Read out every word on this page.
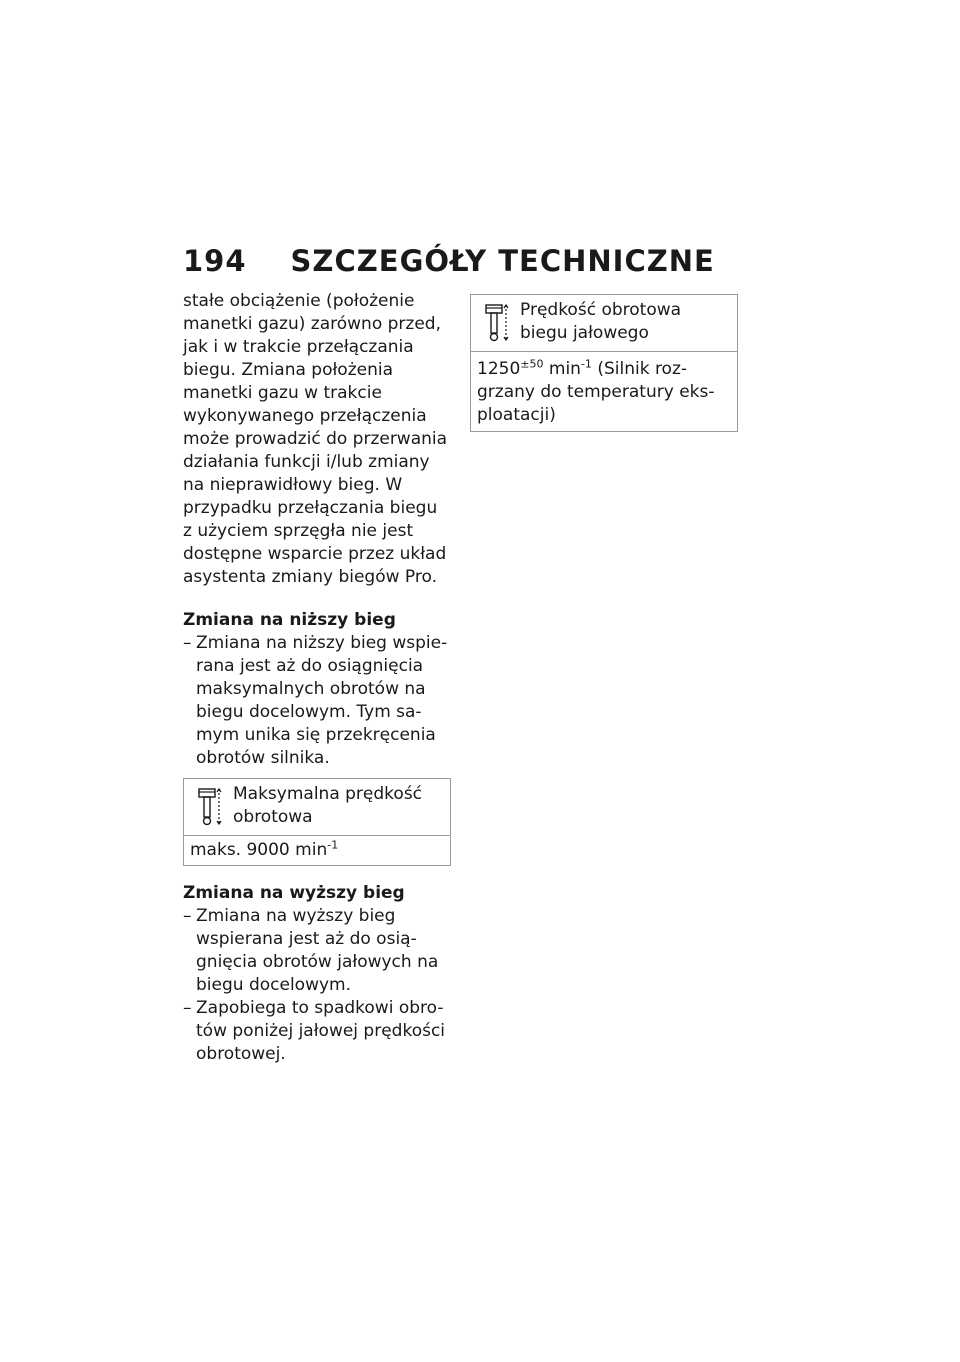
194 SZCZEGÓŁY TECHNICZNE

stałe obciążenie (położenie

manetki gazu) zarówno przed,

jak i w trakcie przełączania

biegu. Zmiana położenia

manetki gazu w trakcie

wykonywanego przełączenia

może prowadzić do przerwania

działania funkcji i/lub zmiany

na nieprawidłowy bieg. W

przypadku przełączania biegu

z użyciem sprzęgła nie jest

dostępne wsparcie przez układ

asystenta zmiany biegów Pro.

Zmiana na niższy bieg
– Zmiana na niższy bieg wspie- rana jest aż do osiągnięcia maksymalnych obrotów na biegu docelowym. Tym sa- mym unika się przekręcenia obrotów silnika.
Maksymalna prędkość
obrotowa
maks. 9000 $\min^{-1}$
Zmiana na wyższy bieg
– Zmiana na wyższy bieg wspierana jest aż do osią- gnięcia obrotów jałowych na biegu docelowym.
– Zapobiega to spadkowi obro- tów poniżej jałowej prędkości obrotowej.
Prędkość obrotowa
biegu jałowego
$1250^{\pm 50}$ $\min^{-1}$ (Silnik roz-
grzany do temperatury eks-
ploatacji)
